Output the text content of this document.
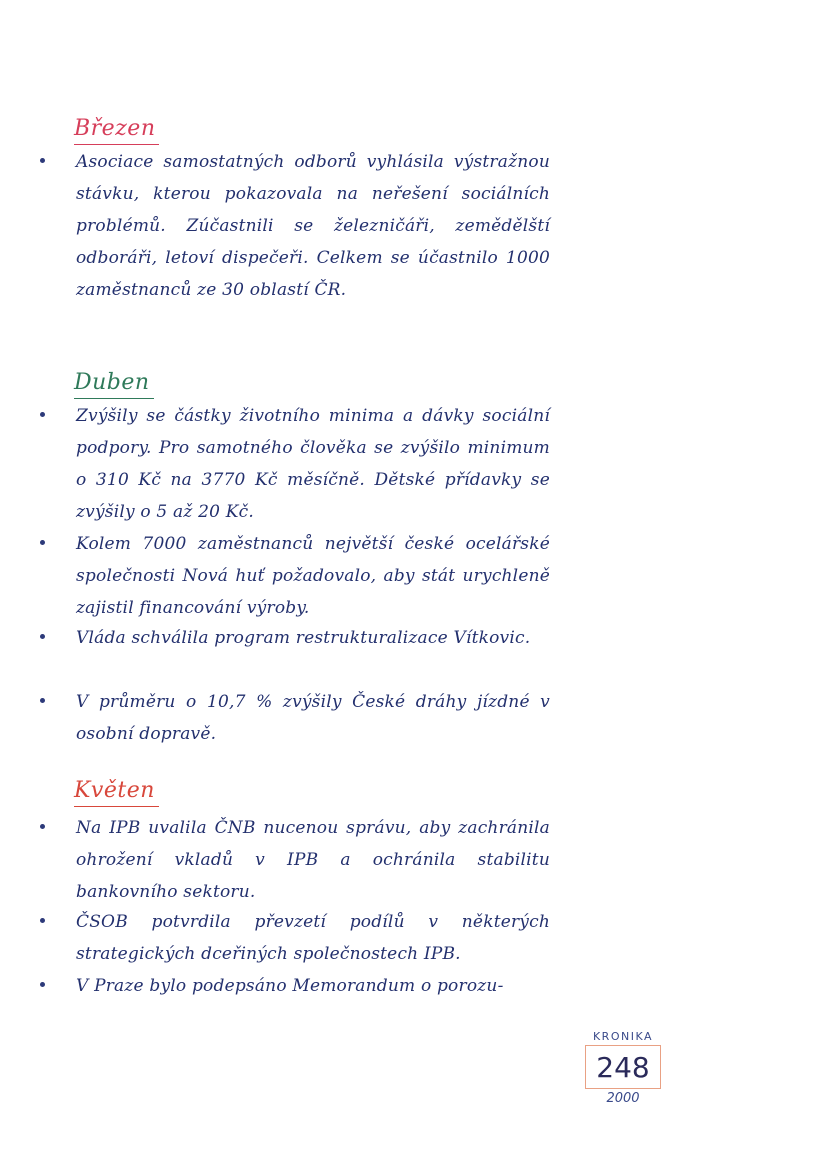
Březen
Asociace samostatných odborů vyhlásila výstražnou stávku, kterou pokazovala na neřešení sociálních problémů. Zúčastnili se železničáři, zemědělští odboráři, letoví dispečeři. Celkem se účastnilo 1000 zaměstnanců ze 30 oblastí ČR.
Duben
Zvýšily se částky životního minima a dávky sociální podpory. Pro samotného člověka se zvýšilo minimum o 310 Kč na 3770 Kč měsíčně. Dětské přídavky se zvýšily o 5 až 20 Kč.
Kolem 7000 zaměstnanců největší české ocelářské společnosti Nová huť požadovalo, aby stát urychleně zajistil financování výroby.
Vláda schválila program restrukturalizace Vítkovic.
V průměru o 10,7 % zvýšily České dráhy jízdné v osobní dopravě.
Květen
Na IPB uvalila ČNB nucenou správu, aby zachránila ohrožení vkladů v IPB a ochránila stabilitu bankovního sektoru.
ČSOB potvrdila převzetí podílů v některých strategických dceřiných společnostech IPB.
V Praze bylo podepsáno Memorandum o porozu-
KRONIKA
248
2000
